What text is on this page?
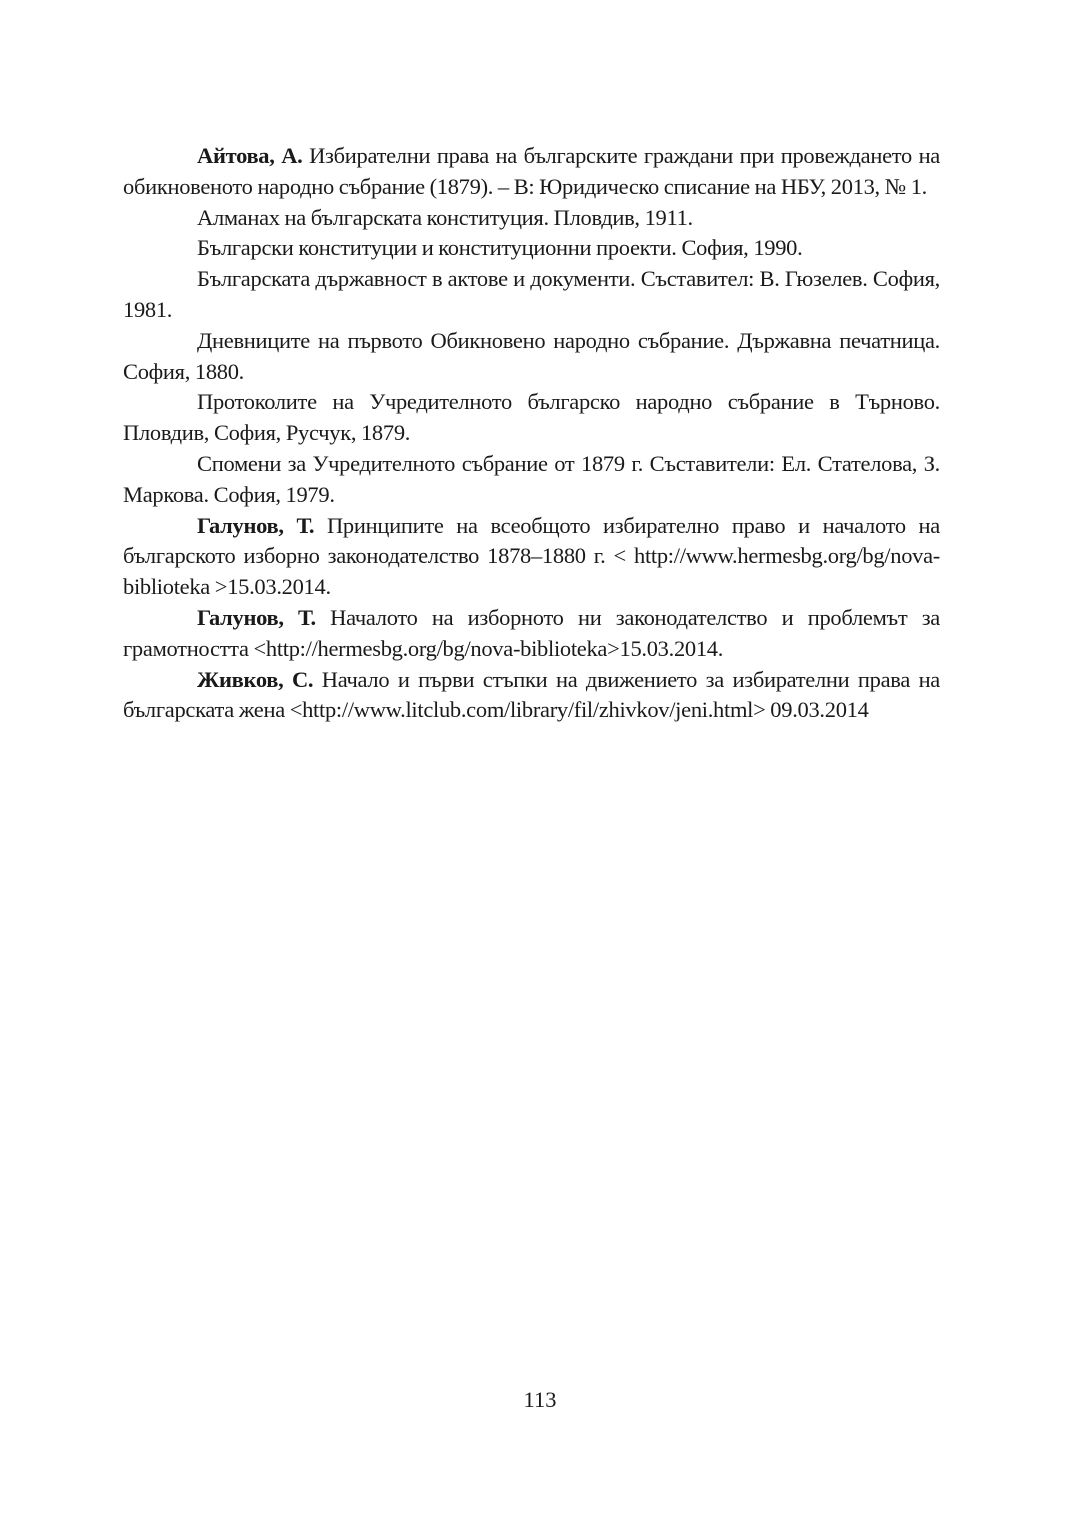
Айтова, А. Избирателни права на българските граждани при провеждането на обикновеното народно събрание (1879). – В: Юридическо списание на НБУ, 2013, № 1.

Алманах на българската конституция. Пловдив, 1911.

Български конституции и конституционни проекти. София, 1990.

Българската държавност в актове и документи. Съставител: В. Гюзелев. София, 1981.

Дневниците на първото Обикновено народно събрание. Държавна печатница. София, 1880.

Протоколите на Учредителното българско народно събрание в Търново. Пловдив, София, Русчук, 1879.

Спомени за Учредителното събрание от 1879 г. Съставители: Ел. Стателова, З. Маркова. София, 1979.

Галунов, Т. Принципите на всеобщото избирателно право и началото на българското изборно законодателство 1878–1880 г. < http://www.hermesbg.org/bg/nova-biblioteka >15.03.2014.

Галунов, Т. Началото на изборното ни законодателство и проблемът за грамотността <http://hermesbg.org/bg/nova-biblioteka>15.03.2014.

Живков, С. Начало и първи стъпки на движението за избирателни права на българската жена <http://www.litclub.com/library/fil/zhivkov/jeni.html> 09.03.2014

113
